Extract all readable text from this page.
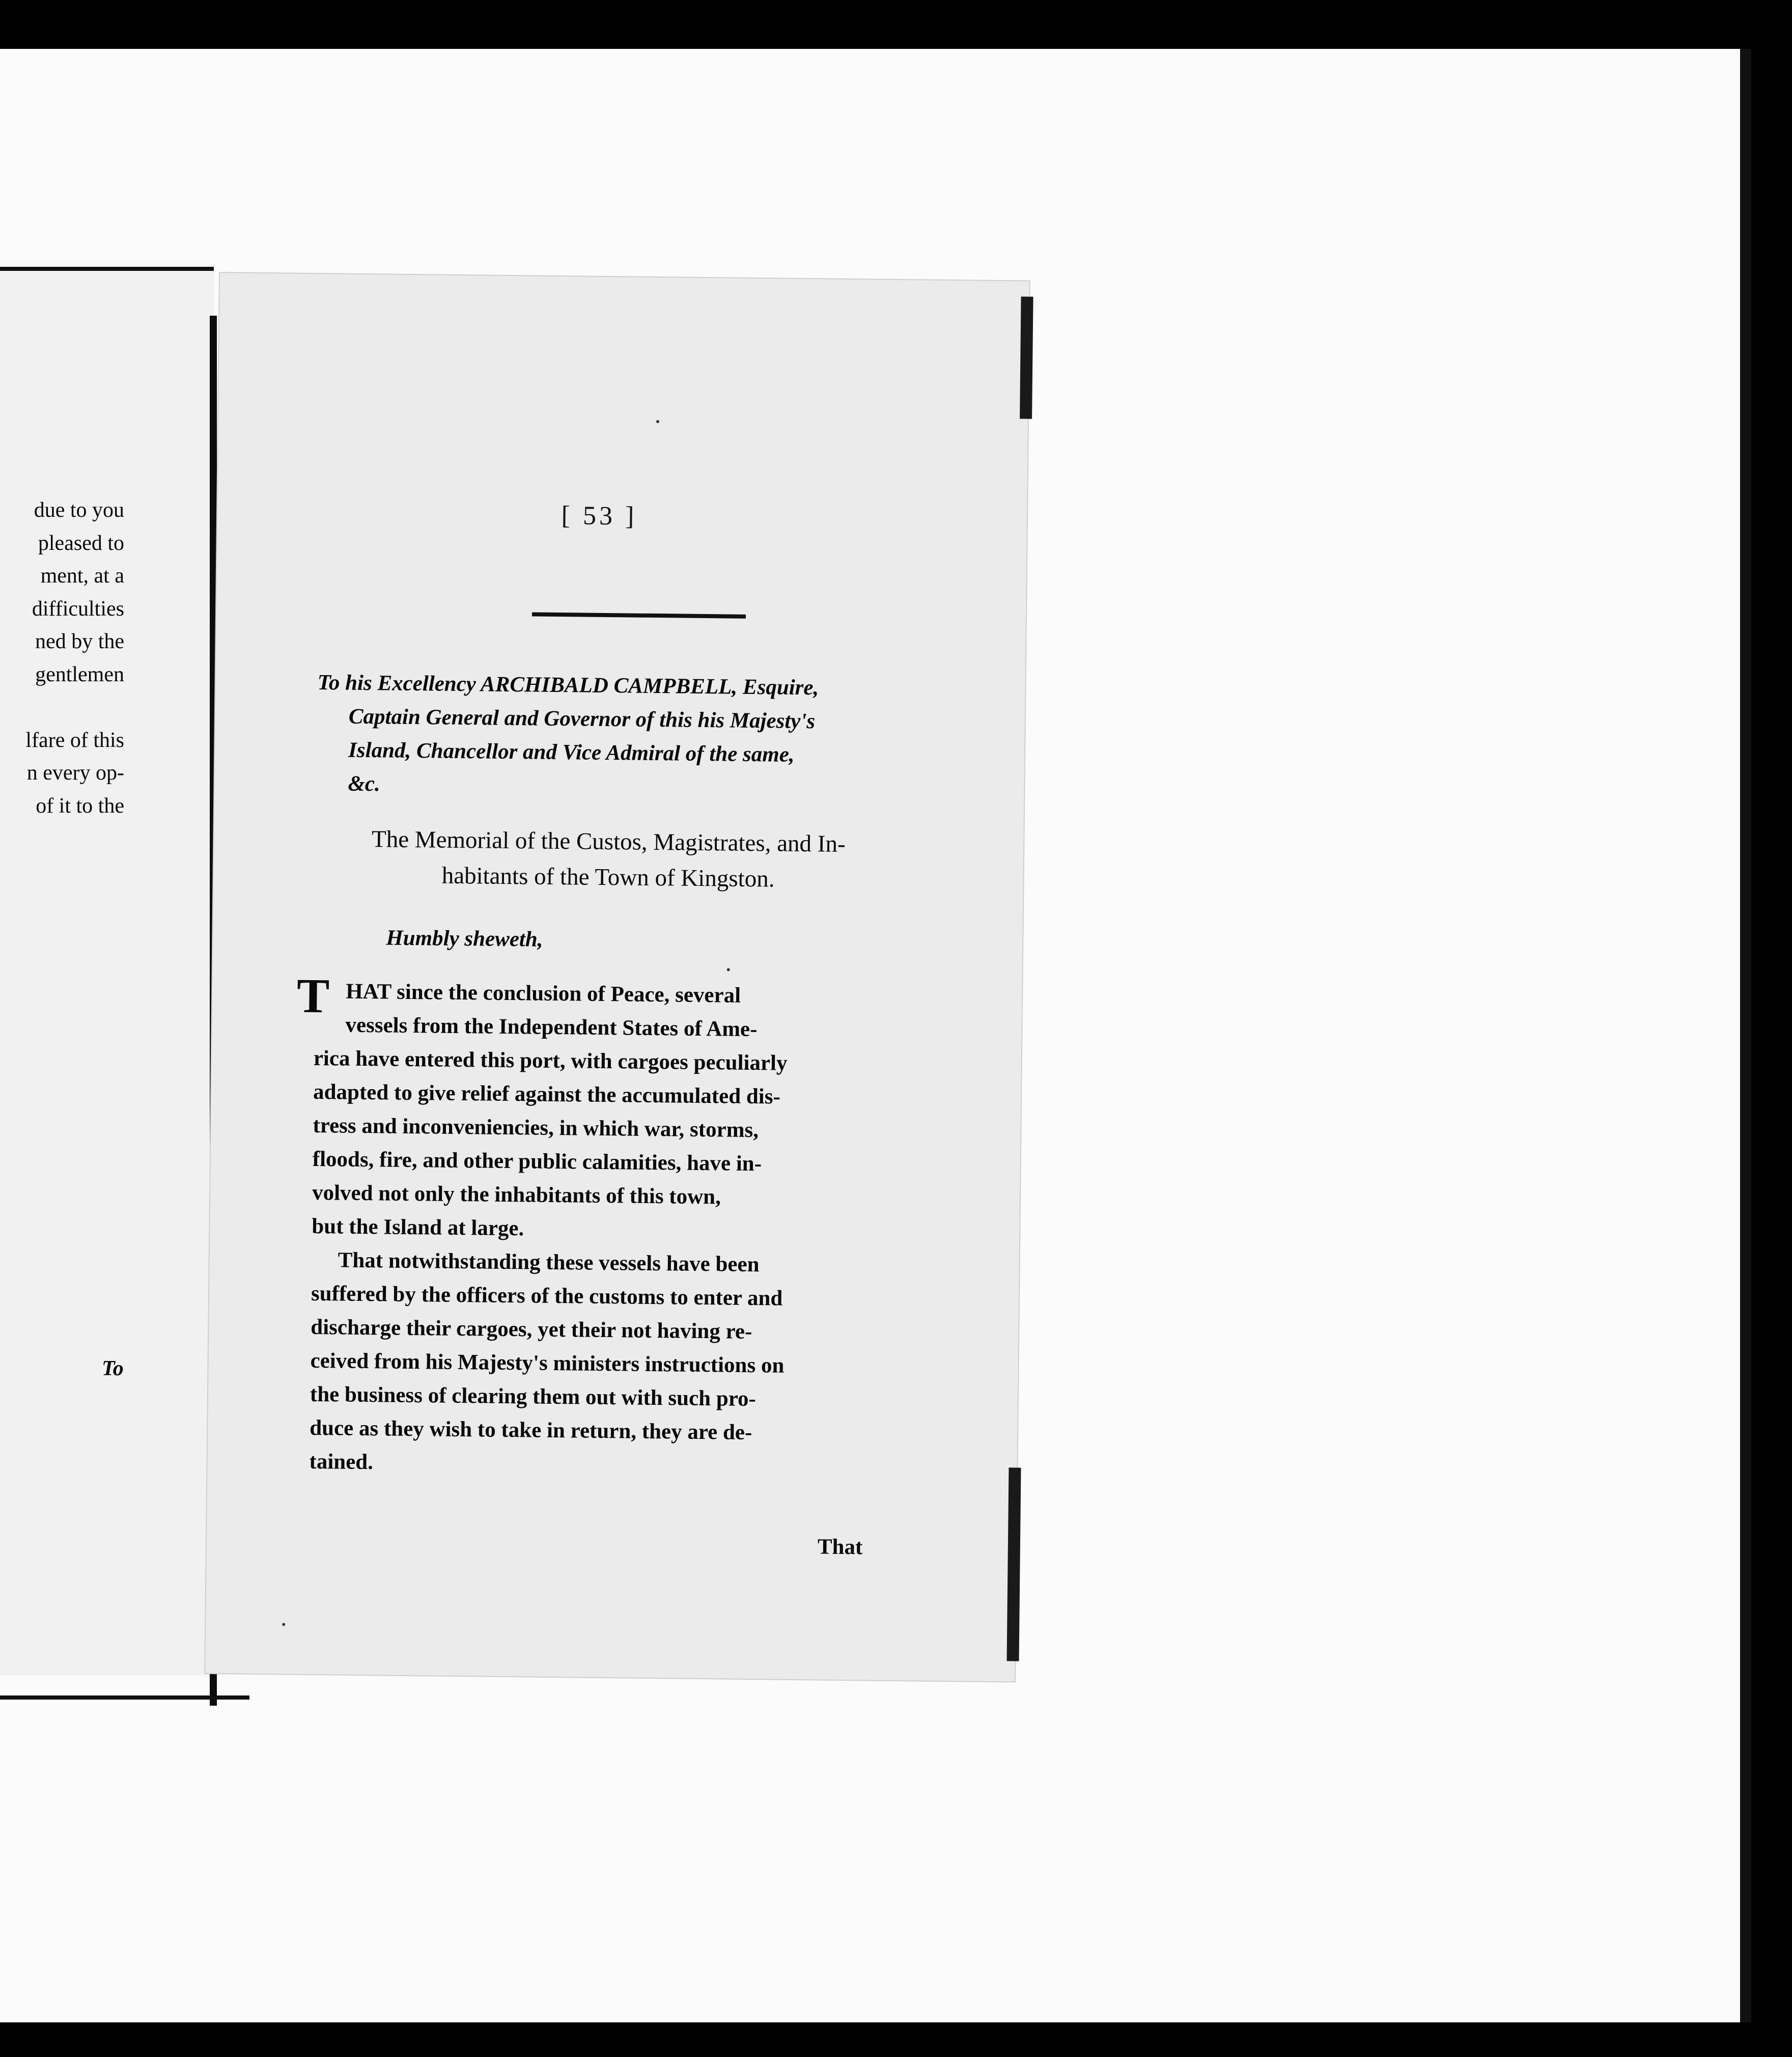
due to you
pleased to
ment, at a
difficulties
ned by the
gentlemen
lfare of this
n every op-
of it to the
To
[ 53 ]
To his Excellency ARCHIBALD CAMPBELL, Esquire,
Captain General and Governor of this his Majesty's
Island, Chancellor and Vice Admiral of the same,
&c.
The Memorial of the Custos, Magistrates, and In-
habitants of the Town of Kingston.
Humbly sheweth,
T HAT since the conclusion of Peace, several
vessels from the Independent States of Ame-
rica have entered this port, with cargoes peculiarly
adapted to give relief against the accumulated dis-
tress and inconveniencies, in which war, storms,
floods, fire, and other public calamities, have in-
volved not only the inhabitants of this town,
but the Island at large.
That notwithstanding these vessels have been
suffered by the officers of the customs to enter and
discharge their cargoes, yet their not having re-
ceived from his Majesty's ministers instructions on
the business of clearing them out with such pro-
duce as they wish to take in return, they are de-
tained.
That
